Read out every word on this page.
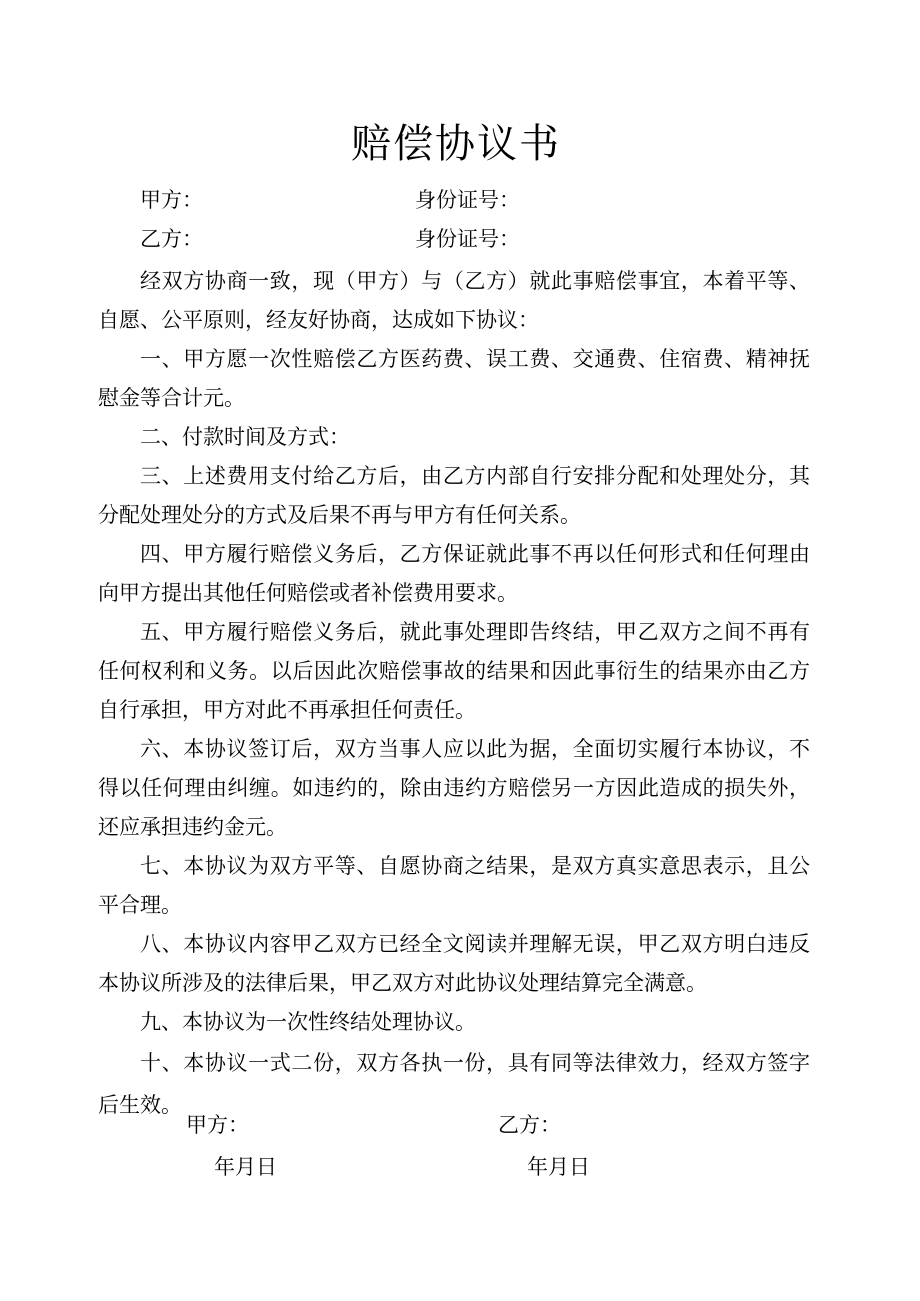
赔偿协议书
甲方：	身份证号：
乙方：	身份证号：

经双方协商一致，现（甲方）与（乙方）就此事赔偿事宜，本着平等、自愿、公平原则，经友好协商，达成如下协议：

一、甲方愿一次性赔偿乙方医药费、误工费、交通费、住宿费、精神抚慰金等合计元。

二、付款时间及方式：

三、上述费用支付给乙方后，由乙方内部自行安排分配和处理处分，其分配处理处分的方式及后果不再与甲方有任何关系。

四、甲方履行赔偿义务后，乙方保证就此事不再以任何形式和任何理由向甲方提出其他任何赔偿或者补偿费用要求。

五、甲方履行赔偿义务后，就此事处理即告终结，甲乙双方之间不再有任何权利和义务。以后因此次赔偿事故的结果和因此事衍生的结果亦由乙方自行承担，甲方对此不再承担任何责任。

六、本协议签订后，双方当事人应以此为据，全面切实履行本协议，不得以任何理由纠缠。如违约的，除由违约方赔偿另一方因此造成的损失外，还应承担违约金元。

七、本协议为双方平等、自愿协商之结果，是双方真实意思表示，且公平合理。

八、本协议内容甲乙双方已经全文阅读并理解无误，甲乙双方明白违反本协议所涉及的法律后果，甲乙双方对此协议处理结算完全满意。

九、本协议为一次性终结处理协议。

十、本协议一式二份，双方各执一份，具有同等法律效力，经双方签字后生效。

甲方：	乙方：
年月日	年月日
